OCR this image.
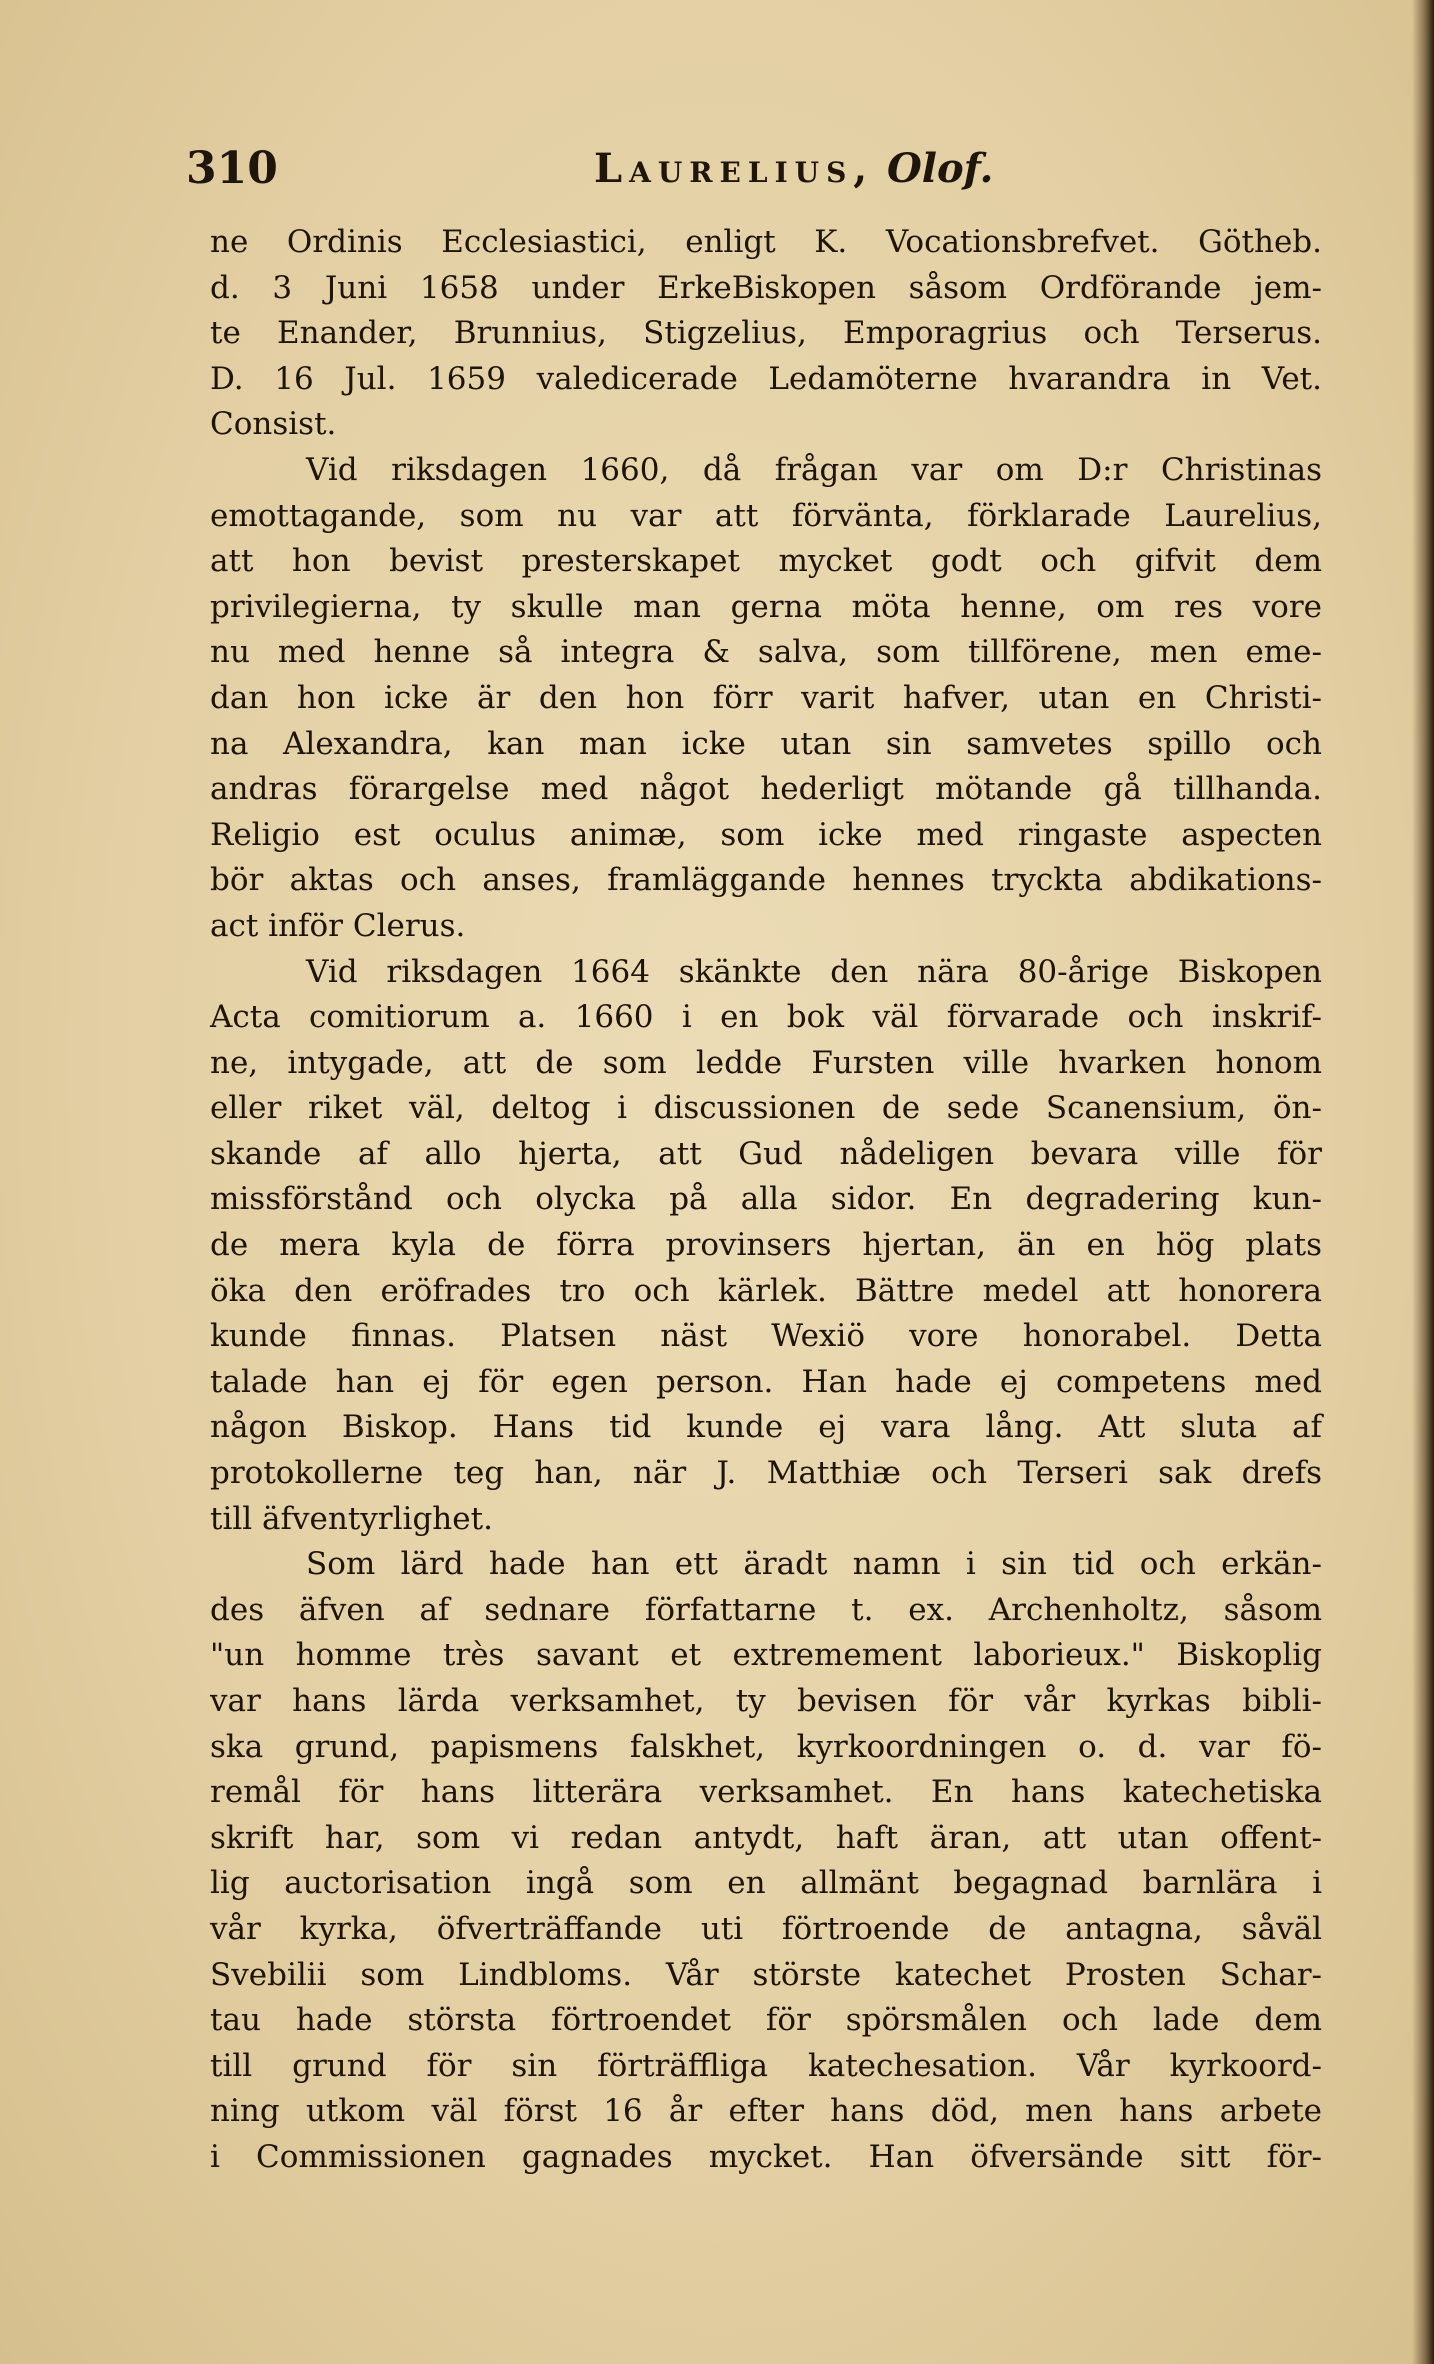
310	Laurelius, Olof.
ne Ordinis Ecclesiastici, enligt K. Vocationsbrefvet. Götheb.
d. 3 Juni 1658 under ErkeBiskopen såsom Ordförande jem-
te Enander, Brunnius, Stigzelius, Emporagrius och Terserus.
D. 16 Jul. 1659 valedicerade Ledamöterne hvarandra in Vet.
Consist.
Vid riksdagen 1660, då frågan var om D:r Christinas
emottagande, som nu var att förvänta, förklarade Laurelius,
att hon bevist presterskapet mycket godt och gifvit dem
privilegierna, ty skulle man gerna möta henne, om res vore
nu med henne så integra & salva, som tillförene, men eme-
dan hon icke är den hon förr varit hafver, utan en Christi-
na Alexandra, kan man icke utan sin samvetes spillo och
andras förargelse med något hederligt mötande gå tillhanda.
Religio est oculus animæ, som icke med ringaste aspecten
bör aktas och anses, framläggande hennes tryckta abdikations-
act inför Clerus.
Vid riksdagen 1664 skänkte den nära 80-årige Biskopen
Acta comitiorum a. 1660 i en bok väl förvarade och inskrif-
ne, intygade, att de som ledde Fursten ville hvarken honom
eller riket väl, deltog i discussionen de sede Scanensium, ön-
skande af allo hjerta, att Gud nådeligen bevara ville för
missförstånd och olycka på alla sidor. En degradering kun-
de mera kyla de förra provinsers hjertan, än en hög plats
öka den eröfrades tro och kärlek. Bättre medel att honorera
kunde finnas. Platsen näst Wexiö vore honorabel. Detta
talade han ej för egen person. Han hade ej competens med
någon Biskop. Hans tid kunde ej vara lång. Att sluta af
protokollerne teg han, när J. Matthiæ och Terseri sak drefs
till äfventyrlighet.
Som lärd hade han ett äradt namn i sin tid och erkän-
des äfven af sednare författarne t. ex. Archenholtz, såsom
"un homme très savant et extremement laborieux." Biskoplig
var hans lärda verksamhet, ty bevisen för vår kyrkas bibli-
ska grund, papismens falskhet, kyrkoordningen o. d. var fö-
remål för hans litterära verksamhet. En hans katechetiska
skrift har, som vi redan antydt, haft äran, att utan offent-
lig auctorisation ingå som en allmänt begagnad barnlära i
vår kyrka, öfverträffande uti förtroende de antagna, såväl
Svebilii som Lindbloms. Vår störste katechet Prosten Schar-
tau hade största förtroendet för spörsmålen och lade dem
till grund för sin förträffliga katechesation. Vår kyrkoord-
ning utkom väl först 16 år efter hans död, men hans arbete
i Commissionen gagnades mycket. Han öfversände sitt för-
